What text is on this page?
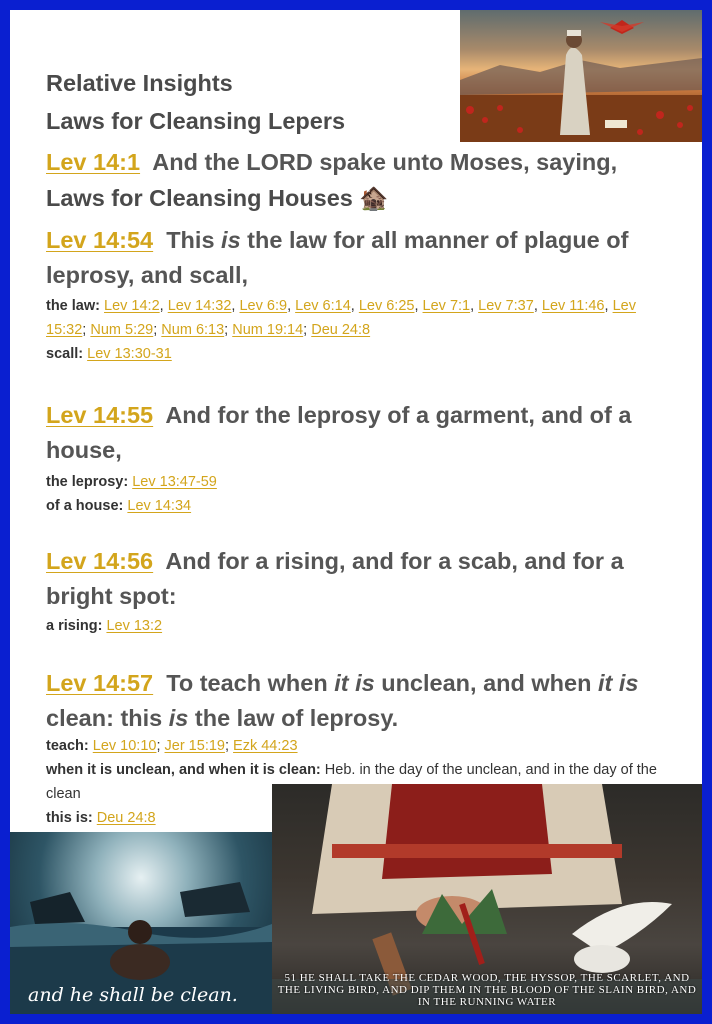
Relative Insights
Laws for Cleansing Lepers
Lev 14:1 And the LORD spake unto Moses, saying,
Laws for Cleansing Houses 🏚️
Lev 14:54 This is the law for all manner of plague of leprosy, and scall,
the law: Lev 14:2, Lev 14:32, Lev 6:9, Lev 6:14, Lev 6:25, Lev 7:1, Lev 7:37, Lev 11:46, Lev 15:32; Num 5:29; Num 6:13; Num 19:14; Deu 24:8
scall: Lev 13:30-31
Lev 14:55 And for the leprosy of a garment, and of a house,
the leprosy: Lev 13:47-59
of a house: Lev 14:34
Lev 14:56 And for a rising, and for a scab, and for a bright spot:
a rising: Lev 13:2
Lev 14:57 To teach when it is unclean, and when it is clean: this is the law of leprosy.
teach: Lev 10:10; Jer 15:19; Ezk 44:23
when it is unclean, and when it is clean: Heb. in the day of the unclean, and in the day of the clean
this is: Deu 24:8
and he shall be clean.
51 HE SHALL TAKE THE CEDAR WOOD, THE HYSSOP, THE SCARLET, AND THE LIVING BIRD, AND DIP THEM IN THE BLOOD OF THE SLAIN BIRD, AND IN THE RUNNING WATER
